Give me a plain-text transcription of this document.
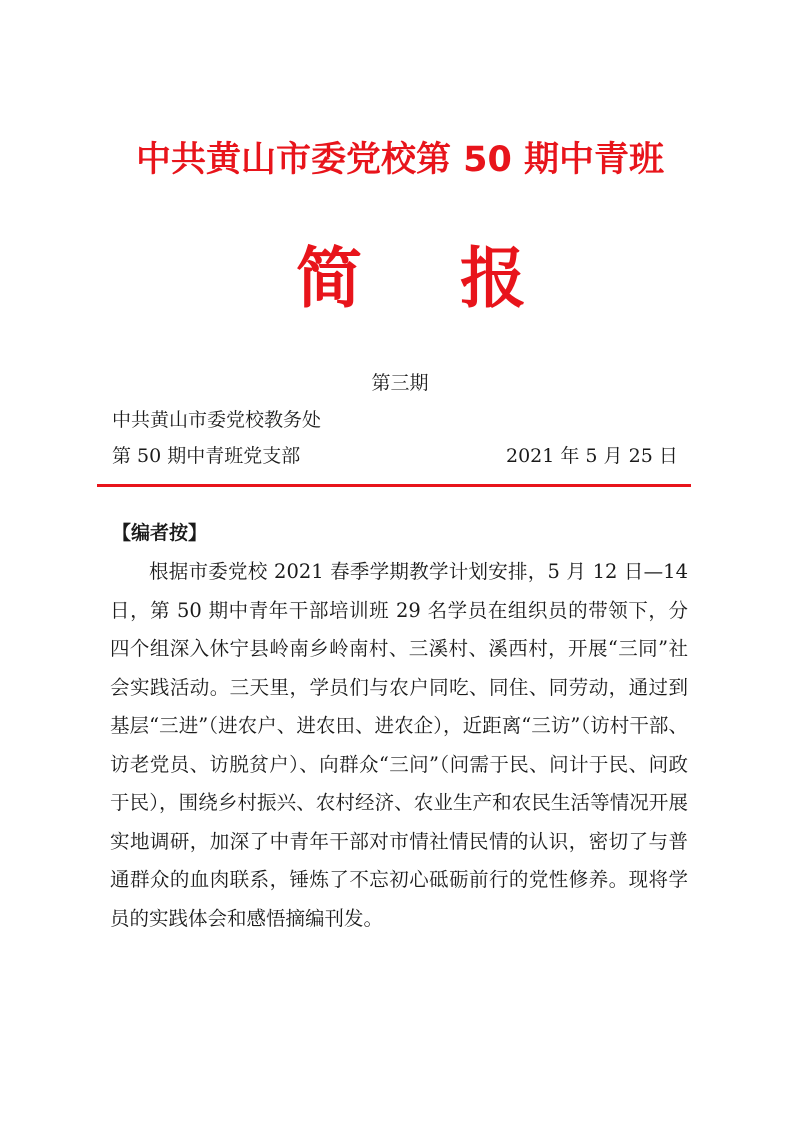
中共黄山市委党校第 50 期中青班
简 报
第三期
中共黄山市委党校教务处
第 50 期中青班党支部	2021 年 5 月 25 日
【编者按】

根据市委党校 2021 春季学期教学计划安排，5 月 12 日—14 日，第 50 期中青年干部培训班 29 名学员在组织员的带领下，分四个组深入休宁县岭南乡岭南村、三溪村、溪西村，开展“三同”社会实践活动。三天里，学员们与农户同吃、同住、同劳动，通过到基层“三进”（进农户、进农田、进农企），近距离“三访”（访村干部、访老党员、访脱贫户）、向群众“三问”（问需于民、问计于民、问政于民），围绕乡村振兴、农村经济、农业生产和农民生活等情况开展实地调研，加深了中青年干部对市情社情民情的认识，密切了与普通群众的血肉联系，锤炼了不忘初心砥砺前行的党性修养。现将学员的实践体会和感悟摘编刊发。
